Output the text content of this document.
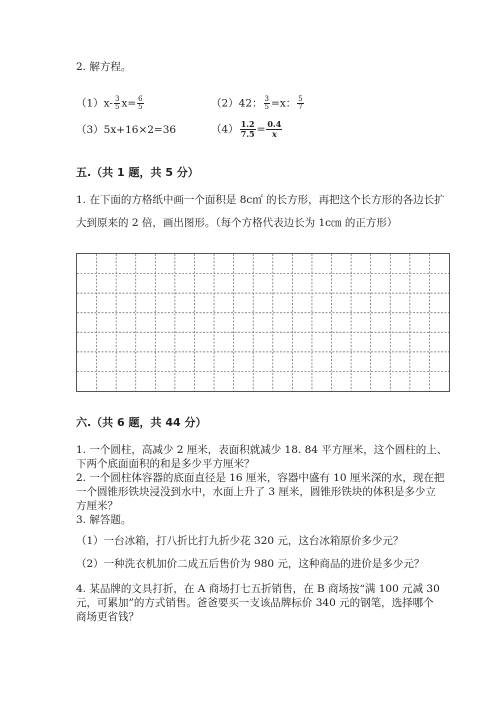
2. 解方程。
$(1)x- \frac{3}{5} x= \frac{6}{5}$	（2）42： $\frac{3}{5} =x$： $\frac{5}{7}$
（3）5x+16×2=36	$(4) \frac{1.2}{7.5} = \frac{0.4}{x}$
五.（共 1 题，共 5 分）
1. 在下面的方格纸中画一个面积是 8c㎡ 的长方形，再把这个长方形的各边长扩
大到原来的 2 倍，画出图形。（每个方格代表边长为 1c㎝ 的正方形）
六.（共 6 题，共 44 分）
1. 一个圆柱，高减少 2 厘米，表面积就减少 18. 84 平方厘米，这个圆柱的上、
下两个底面面积的和是多少平方厘米？
2. 一个圆柱体容器的底面直径是 16 厘米，容器中盛有 10 厘米深的水，现在把
一个圆锥形铁块浸没到水中，水面上升了 3 厘米，圆锥形铁块的体积是多少立
方厘米？
3. 解答题。
（1）一台冰箱，打八折比打九折少花 320 元，这台冰箱原价多少元？
（2）一种洗衣机加价二成五后售价为 980 元，这种商品的进价是多少元？
4. 某品牌的文具打折，在 A 商场打七五折销售，在 B 商场按“满 100 元减 30
元，可累加”的方式销售。爸爸要买一支该品牌标价 340 元的钢笔，选择哪个
商场更省钱？
